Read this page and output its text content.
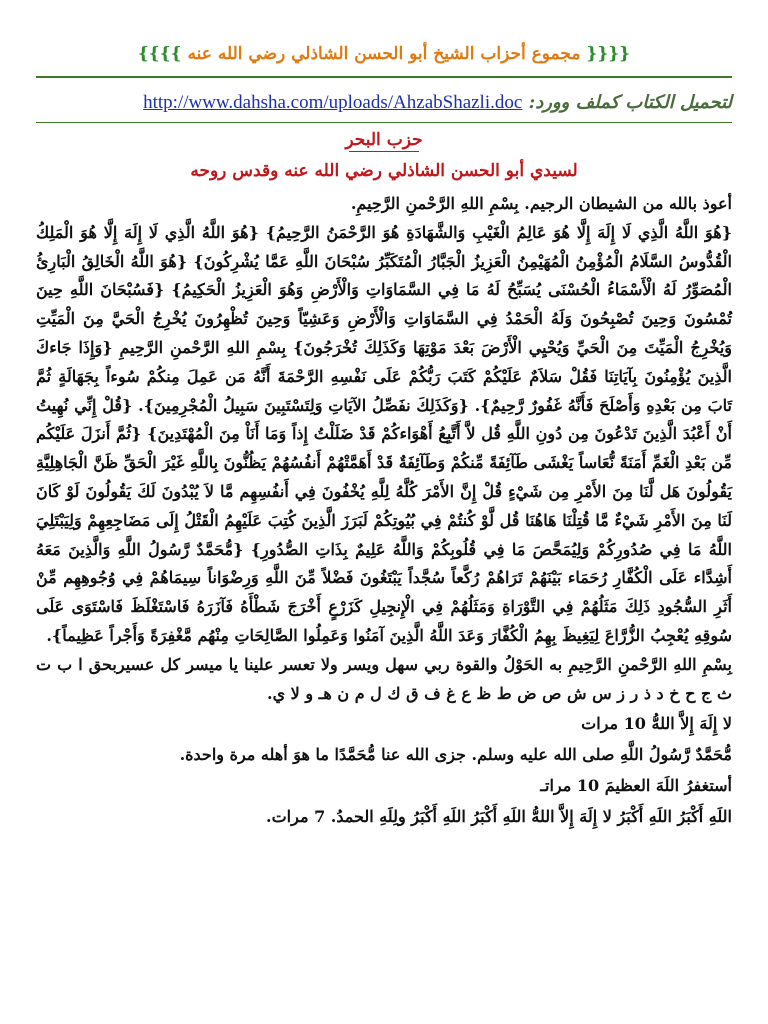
{{{{ مجموع أحزاب الشيخ أبو الحسن الشاذلي رضي الله عنه }}}}
لتحميل الكتاب كملف وورد: http://www.dahsha.com/uploads/AhzabShazli.doc
حزب البحر
لسيدي أبو الحسن الشاذلي رضي الله عنه وقدس روحه

أعوذ بالله من الشيطان الرجيم. بِسْمِ اللهِ الرَّحْمنِ الرَّحِيمِ.

{هُوَ اللَّهُ الَّذِي لَا إِلَهَ إِلَّا هُوَ عَالِمُ الْغَيْبِ وَالشَّهَادَةِ هُوَ الرَّحْمَنُ الرَّحِيمُ} {هُوَ اللَّهُ الَّذِي لَا إِلَهَ إِلَّا هُوَ الْمَلِكُ الْقُدُّوسُ السَّلَامُ الْمُؤْمِنُ الْمُهَيْمِنُ الْعَزِيزُ الْجَبَّارُ الْمُتَكَبِّرُ سُبْحَانَ اللَّهِ عَمَّا يُشْرِكُونَ} {هُوَ اللَّهُ الْخَالِقُ الْبَارِئُ الْمُصَوِّرُ لَهُ الْأَسْمَاءُ الْحُسْنَى يُسَبِّحُ لَهُ مَا فِي السَّمَاوَاتِ وَالْأَرْضِ وَهُوَ الْعَزِيزُ الْحَكِيمُ} {فَسُبْحَانَ اللَّهِ حِينَ تُمْسُونَ وَحِينَ تُصْبِحُونَ وَلَهُ الْحَمْدُ فِي السَّمَاوَاتِ وَالْأَرْضِ وَعَشِيّاً وَحِينَ تُظْهِرُونَ يُخْرِجُ الْحَيَّ مِنَ الْمَيِّتِ وَيُخْرِجُ الْمَيِّتَ مِنَ الْحَيِّ وَيُحْيِي الْأَرْضَ بَعْدَ مَوْتِهَا وَكَذَلِكَ تُخْرَجُونَ} بِسْمِ اللهِ الرَّحْمنِ الرَّحِيمِ {وَإِذَا جَاءكَ الَّذِينَ يُؤْمِنُونَ بِآيَاتِنَا فَقُلْ سَلاَمٌ عَلَيْكُمْ كَتَبَ رَبُّكُمْ عَلَى نَفْسِهِ الرَّحْمَةَ أَنَّهُ مَن عَمِلَ مِنكُمْ سُوءاً بِجَهَالَةٍ ثُمَّ تَابَ مِن بَعْدِهِ وَأَصْلَحَ فَأَنَّهُ غَفُورٌ رَّحِيمٌ}. {وَكَذَلِكَ نفَصِّلُ الآيَاتِ وَلِتَسْتَبِينَ سَبِيلُ الْمُجْرِمِينَ}. {قُلْ إِنِّي نُهِيتُ أَنْ أَعْبُدَ الَّذِينَ تَدْعُونَ مِن دُونِ اللَّهِ قُل لاَّ أَتَّبِعُ أَهْوَاءكُمْ قَدْ ضَلَلْتُ إِذاً وَمَا أَنَاْ مِنَ الْمُهْتَدِينَ} {ثُمَّ أَنزَلَ عَلَيْكُم مِّن بَعْدِ الْغَمِّ أَمَنَةً نُّعَاساً يَغْشَى طَآئِفَةً مِّنكُمْ وَطَآئِفَةٌ قَدْ أَهَمَّتْهُمْ أَنفُسُهُمْ يَظُنُّونَ بِاللَّهِ غَيْرَ الْحَقِّ ظَنَّ الْجَاهِلِيَّةِ يَقُولُونَ هَل لَّنَا مِنَ الأَمْرِ مِن شَيْءٍ قُلْ إِنَّ الأَمْرَ كُلَّهُ لِلَّهِ يُخْفُونَ فِي أَنفُسِهِم مَّا لاَ يُبْدُونَ لَكَ يَقُولُونَ لَوْ كَانَ لَنَا مِنَ الأَمْرِ شَيْءٌ مَّا قُتِلْنَا هَاهُنَا قُل لَّوْ كُنتُمْ فِي بُيُوتِكُمْ لَبَرَزَ الَّذِينَ كُتِبَ عَلَيْهِمُ الْقَتْلُ إِلَى مَضَاجِعِهِمْ وَلِيَبْتَلِيَ اللَّهُ مَا فِي صُدُورِكُمْ وَلِيُمَحَّصَ مَا فِي قُلُوبِكُمْ وَاللَّهُ عَلِيمٌ بِذَاتِ الصُّدُورِ} {مُّحَمَّدٌ رَّسُولُ اللَّهِ وَالَّذِينَ مَعَهُ أَشِدَّاء عَلَى الْكُفَّارِ رُحَمَاء بَيْنَهُمْ تَرَاهُمْ رُكَّعاً سُجَّداً يَبْتَغُونَ فَضْلاً مِّنَ اللَّهِ وَرِضْوَاناً سِيمَاهُمْ فِي وُجُوهِهِم مِّنْ أَثَرِ السُّجُودِ ذَلِكَ مَثَلُهُمْ فِي التَّوْرَاةِ وَمَثَلُهُمْ فِي الْإِنجِيلِ كَزَرْعٍ أَخْرَجَ شَطْأَهُ فَآزَرَهُ فَاسْتَغْلَظَ فَاسْتَوَى عَلَى سُوقِهِ يُعْجِبُ الزُّرَّاعَ لِيَغِيظَ بِهِمُ الْكُفَّارَ وَعَدَ اللَّهُ الَّذِينَ آمَنُوا وَعَمِلُوا الصَّالِحَاتِ مِنْهُم مَّغْفِرَةً وَأَجْراً عَظِيماً}.

بِسْمِ اللهِ الرَّحْمنِ الرَّحِيمِ به الحَوْلُ والقوة ربي سهل ويسر ولا تعسر علينا يا ميسر كل عسيربحق ا ب ت ث ج ح خ د ذ ر ز س ش ص ض ط ظ ع غ ف ق ك ل م ن هـ و لا ي.

لا إِلَهَ إِلاَّ اللهُّ 10 مرات

مُّحَمَّدٌ رَّسُولُ اللَّهِ صلى الله عليه وسلم. جزى الله عنا مُّحَمَّدًا ما هوَ أهله مرة واحدة.

أستغفرُ اللَهَ العظيمَ 10 مراتـ

اللَهِ أَكْبَرُ اللَهِ أَكْبَرُ لا إِلَهَ إِلاَّ اللهُّ اللَهِ أَكْبَرُ اللَهِ أَكْبَرُ ولِلَهِ الحمدُ. 7 مرات.
